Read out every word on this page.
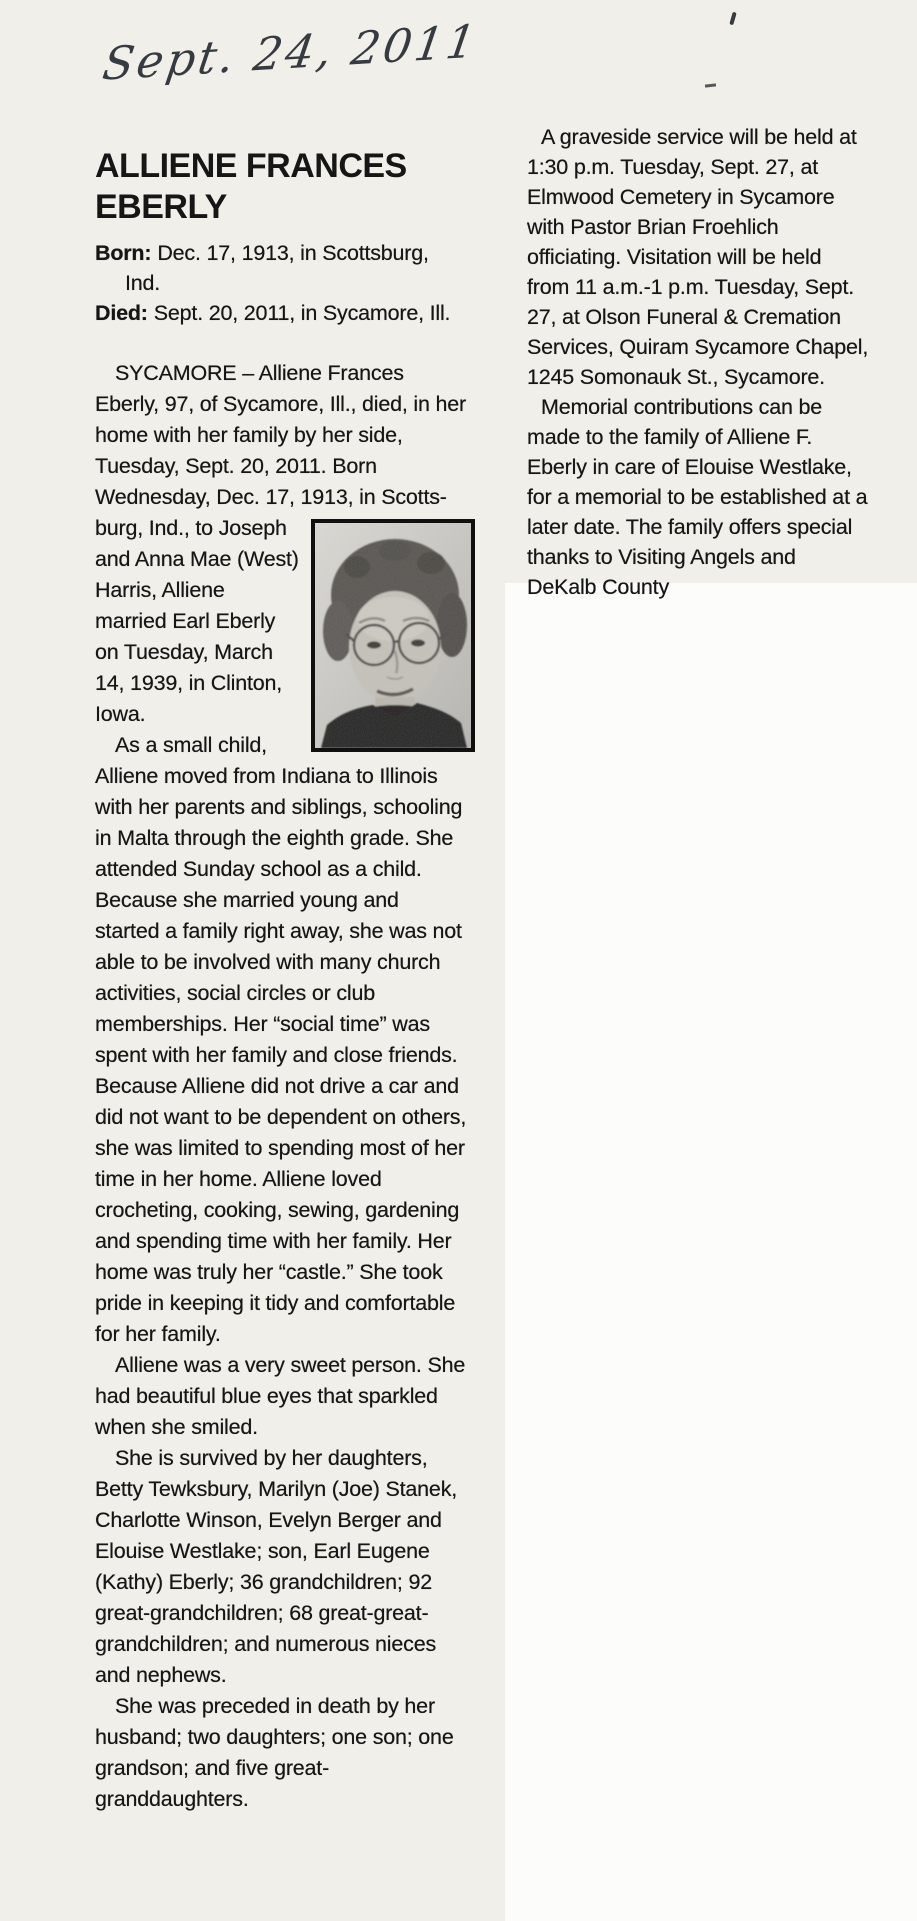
Sept. 24, 2011
ALLIENE FRANCES EBERLY

Born: Dec. 17, 1913, in Scottsburg, Ind.

Died: Sept. 20, 2011, in Sycamore, Ill.

SYCAMORE – Alliene Frances Eberly, 97, of Sycamore, Ill., died, in her home with her family by her side, Tuesday, Sept. 20, 2011. Born Wednesday, Dec. 17, 1913, in Scotts-
burg, Ind., to Joseph and Anna Mae (West) Harris, Alliene married Earl Eberly on Tuesday, March 14, 1939, in Clinton, Iowa.

As a small child, Alliene moved from Indiana to Illinois with her parents and siblings, schooling in Malta through the eighth grade. She attended Sunday school as a child. Because she married young and started a family right away, she was not able to be involved with many church activities, social circles or club memberships. Her “social time” was spent with her family and close friends. Because Alliene did not drive a car and did not want to be dependent on others, she was limited to spending most of her time in her home. Alliene loved crocheting, cooking, sewing, gardening and spending time with her family. Her home was truly her “castle.” She took pride in keeping it tidy and comfortable for her family.

Alliene was a very sweet person. She had beautiful blue eyes that sparkled when she smiled.

She is survived by her daughters, Betty Tewksbury, Marilyn (Joe) Stanek, Charlotte Winson, Evelyn Berger and Elouise Westlake; son, Earl Eugene (Kathy) Eberly; 36 grandchildren; 92 great-grandchildren; 68 great-great-grandchildren; and numerous nieces and nephews.

She was preceded in death by her husband; two daughters; one son; one grandson; and five great-granddaughters.

A graveside service will be held at 1:30 p.m. Tuesday, Sept. 27, at Elmwood Cemetery in Sycamore with Pastor Brian Froehlich officiating. Visitation will be held from 11 a.m.-1 p.m. Tuesday, Sept. 27, at Olson Funeral & Cremation Services, Quiram Sycamore Chapel, 1245 Somonauk St., Sycamore.

Memorial contributions can be made to the family of Alliene F. Eberly in care of Elouise Westlake, for a memorial to be established at a later date. The family offers special thanks to Visiting Angels and DeKalb County
